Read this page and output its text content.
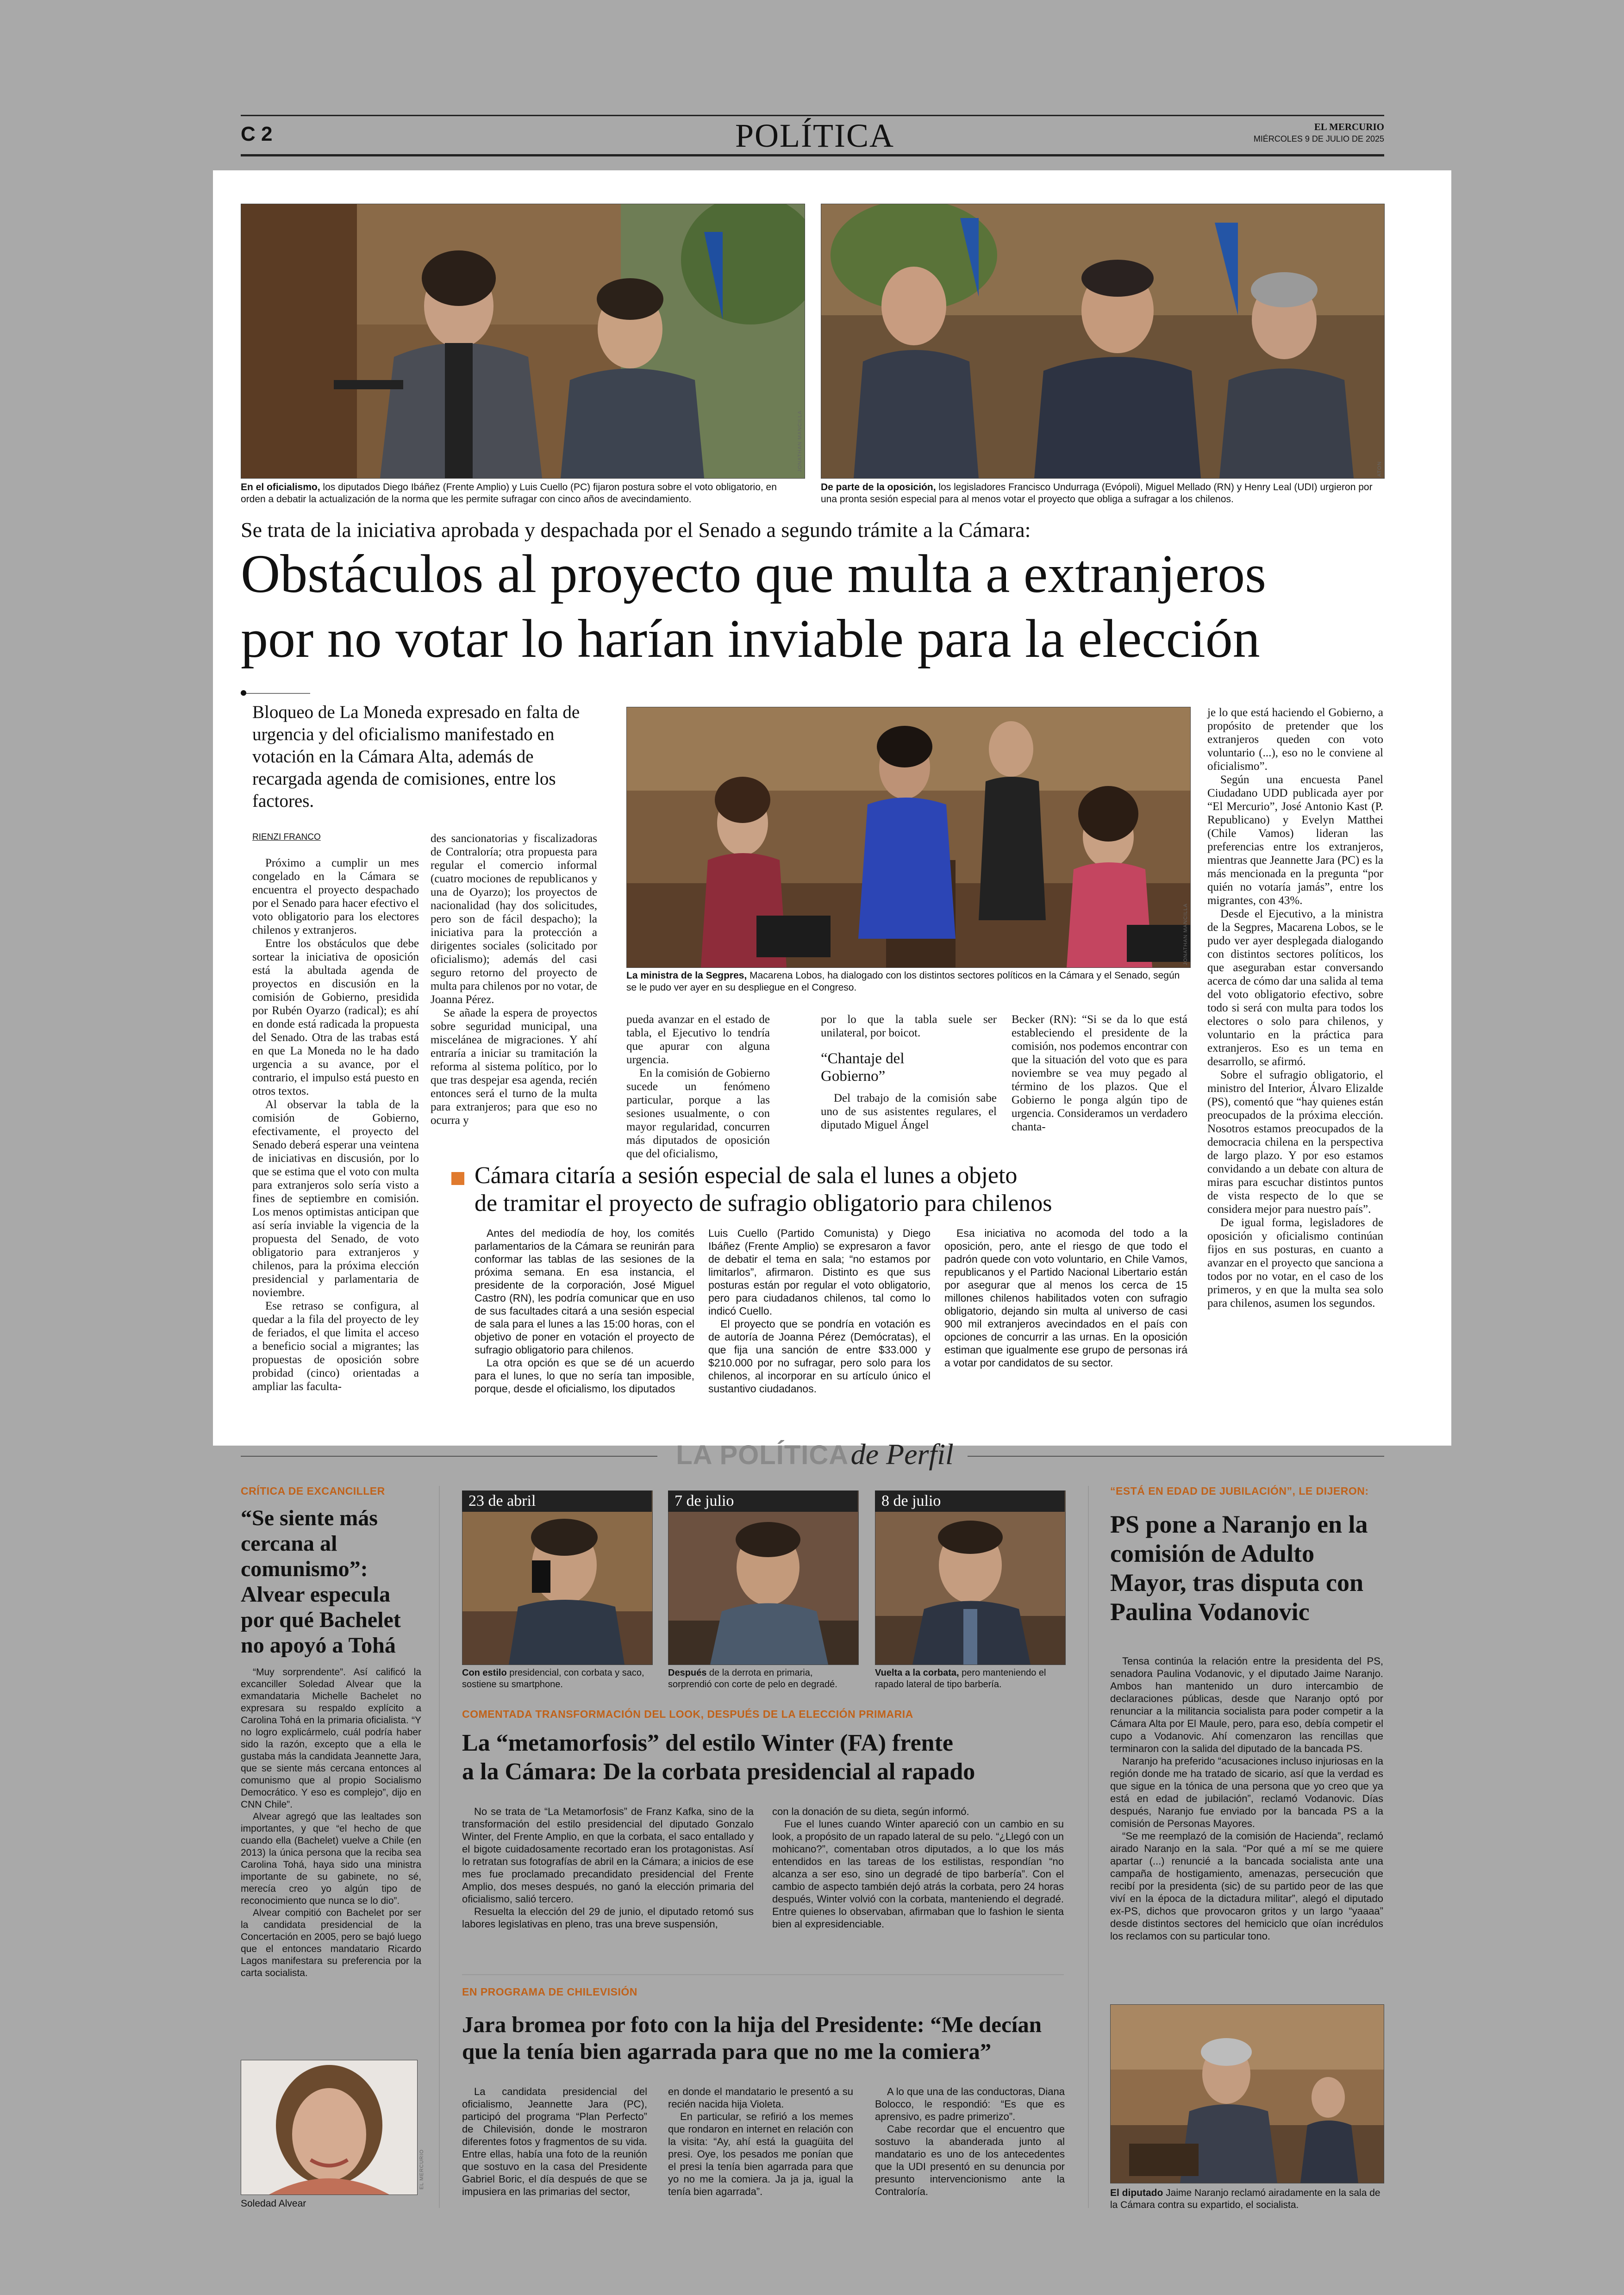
C 2	POLÍTICA	EL MERCURIO
MIÉRCOLES 9 DE JULIO DE 2025
JONATHAN MANCILLA
En el oficialismo, los diputados Diego Ibáñez (Frente Amplio) y Luis Cuello (PC) fijaron postura sobre el voto obligatorio, en orden a debatir la actualización de la norma que les permite sufragar con cinco años de avecindamiento.
ATON
De parte de la oposición, los legisladores Francisco Undurraga (Evópoli), Miguel Mellado (RN) y Henry Leal (UDI) urgieron por una pronta sesión especial para al menos votar el proyecto que obliga a sufragar a los chilenos.
Se trata de la iniciativa aprobada y despachada por el Senado a segundo trámite a la Cámara:
Obstáculos al proyecto que multa a extranjeros
por no votar lo harían inviable para la elección
Bloqueo de La Moneda expresado en falta de urgencia y del oficialismo manifestado en votación en la Cámara Alta, además de recargada agenda de comisiones, entre los factores.
RIENZI FRANCO

Próximo a cumplir un mes congelado en la Cámara se encuentra el proyecto despachado por el Senado para hacer efectivo el voto obligatorio para los electores chilenos y extranjeros.

Entre los obstáculos que debe sortear la iniciativa de oposición está la abultada agenda de proyectos en discusión en la comisión de Gobierno, presidida por Rubén Oyarzo (radical); es ahí en donde está radicada la propuesta del Senado. Otra de las trabas está en que La Moneda no le ha dado urgencia a su avance, por el contrario, el impulso está puesto en otros textos.

Al observar la tabla de la comisión de Gobierno, efectivamente, el proyecto del Senado deberá esperar una veintena de iniciativas en discusión, por lo que se estima que el voto con multa para extranjeros solo sería visto a fines de septiembre en comisión. Los menos optimistas anticipan que así sería inviable la vigencia de la propuesta del Senado, de voto obligatorio para extranjeros y chilenos, para la próxima elección presidencial y parlamentaria de noviembre.

Ese retraso se configura, al quedar a la fila del proyecto de ley de feriados, el que limita el acceso a beneficio social a migrantes; las propuestas de oposición sobre probidad (cinco) orientadas a ampliar las faculta-

des sancionatorias y fiscalizadoras de Contraloría; otra propuesta para regular el comercio informal (cuatro mociones de republicanos y una de Oyarzo); los proyectos de nacionalidad (hay dos solicitudes, pero son de fácil despacho); la iniciativa para la protección a dirigentes sociales (solicitado por oficialismo); además del casi seguro retorno del proyecto de multa para chilenos por no votar, de Joanna Pérez.

Se añade la espera de proyectos sobre seguridad municipal, una miscelánea de migraciones. Y ahí entraría a iniciar su tramitación la reforma al sistema político, por lo que tras despejar esa agenda, recién entonces será el turno de la multa para extranjeros; para que eso no ocurra y

JONATHAN MANCILLA
La ministra de la Segpres, Macarena Lobos, ha dialogado con los distintos sectores políticos en la Cámara y el Senado, según se le pudo ver ayer en su despliegue en el Congreso.

pueda avanzar en el estado de tabla, el Ejecutivo lo tendría que apurar con alguna urgencia.

En la comisión de Gobierno sucede un fenómeno particular, porque a las sesiones usualmente, o con mayor regularidad, concurren más diputados de oposición que del oficialismo,

por lo que la tabla suele ser unilateral, por boicot.

“Chantaje del Gobierno”

Del trabajo de la comisión sabe uno de sus asistentes regulares, el diputado Miguel Ángel

Becker (RN): “Si se da lo que está estableciendo el presidente de la comisión, nos podemos encontrar con que la situación del voto que es para noviembre se vea muy pegado al término de los plazos. Que el Gobierno le ponga algún tipo de urgencia. Consideramos un verdadero chanta-

je lo que está haciendo el Gobierno, a propósito de pretender que los extranjeros queden con voto voluntario (...), eso no le conviene al oficialismo”.

Según una encuesta Panel Ciudadano UDD publicada ayer por “El Mercurio”, José Antonio Kast (P. Republicano) y Evelyn Matthei (Chile Vamos) lideran las preferencias entre los extranjeros, mientras que Jeannette Jara (PC) es la más mencionada en la pregunta “por quién no votaría jamás”, entre los migrantes, con 43%.

Desde el Ejecutivo, a la ministra de la Segpres, Macarena Lobos, se le pudo ver ayer desplegada dialogando con distintos sectores políticos, los que aseguraban estar conversando acerca de cómo dar una salida al tema del voto obligatorio efectivo, sobre todo si será con multa para todos los electores o solo para chilenos, y voluntario en la práctica para extranjeros. Eso es un tema en desarrollo, se afirmó.

Sobre el sufragio obligatorio, el ministro del Interior, Álvaro Elizalde (PS), comentó que “hay quienes están preocupados de la próxima elección. Nosotros estamos preocupados de la democracia chilena en la perspectiva de largo plazo. Y por eso estamos convidando a un debate con altura de miras para escuchar distintos puntos de vista respecto de lo que se considera mejor para nuestro país”.

De igual forma, legisladores de oposición y oficialismo continúan fijos en sus posturas, en cuanto a avanzar en el proyecto que sanciona a todos por no votar, en el caso de los primeros, y en que la multa sea solo para chilenos, asumen los segundos.

Cámara citaría a sesión especial de sala el lunes a objeto
de tramitar el proyecto de sufragio obligatorio para chilenos

Antes del mediodía de hoy, los comités parlamentarios de la Cámara se reunirán para conformar las tablas de las sesiones de la próxima semana. En esa instancia, el presidente de la corporación, José Miguel Castro (RN), les podría comunicar que en uso de sus facultades citará a una sesión especial de sala para el lunes a las 15:00 horas, con el objetivo de poner en votación el proyecto de sufragio obligatorio para chilenos.

La otra opción es que se dé un acuerdo para el lunes, lo que no sería tan imposible, porque, desde el oficialismo, los diputados

Luis Cuello (Partido Comunista) y Diego Ibáñez (Frente Amplio) se expresaron a favor de debatir el tema en sala; “no estamos por limitarlos”, afirmaron. Distinto es que sus posturas están por regular el voto obligatorio, pero para ciudadanos chilenos, tal como lo indicó Cuello.

El proyecto que se pondría en votación es de autoría de Joanna Pérez (Demócratas), el que fija una sanción de entre $33.000 y $210.000 por no sufragar, pero solo para los chilenos, al incorporar en su artículo único el sustantivo ciudadanos.

Esa iniciativa no acomoda del todo a la oposición, pero, ante el riesgo de que todo el padrón quede con voto voluntario, en Chile Vamos, republicanos y el Partido Nacional Libertario están por asegurar que al menos los cerca de 15 millones chilenos habilitados voten con sufragio obligatorio, dejando sin multa al universo de casi 900 mil extranjeros avecindados en el país con opciones de concurrir a las urnas. En la oposición estiman que igualmente ese grupo de personas irá a votar por candidatos de su sector.

LA POLÍTICA de Perfil
CRÍTICA DE EXCANCILLER
“Se siente más cercana al comunismo”: Alvear especula por qué Bachelet no apoyó a Tohá

“Muy sorprendente”. Así calificó la excanciller Soledad Alvear que la exmandataria Michelle Bachelet no expresara su respaldo explícito a Carolina Tohá en la primaria oficialista. “Y no logro explicármelo, cuál podría haber sido la razón, excepto que a ella le gustaba más la candidata Jeannette Jara, que se siente más cercana entonces al comunismo que al propio Socialismo Democrático. Y eso es complejo”, dijo en CNN Chile”.

Alvear agregó que las lealtades son importantes, y que “el hecho de que cuando ella (Bachelet) vuelve a Chile (en 2013) la única persona que la reciba sea Carolina Tohá, haya sido una ministra importante de su gabinete, no sé, merecía creo yo algún tipo de reconocimiento que nunca se lo dio”.

Alvear compitió con Bachelet por ser la candidata presidencial de la Concertación en 2005, pero se bajó luego que el entonces mandatario Ricardo Lagos manifestara su preferencia por la carta socialista.

EL MERCURIO
Soledad Alvear
23 de abril
Con estilo presidencial, con corbata y saco, sostiene su smartphone.
7 de julio
Después de la derrota en primaria, sorprendió con corte de pelo en degradé.
8 de julio
Vuelta a la corbata, pero manteniendo el rapado lateral de tipo barbería.
COMENTADA TRANSFORMACIÓN DEL LOOK, DESPUÉS DE LA ELECCIÓN PRIMARIA
La “metamorfosis” del estilo Winter (FA) frente
a la Cámara: De la corbata presidencial al rapado

No se trata de “La Metamorfosis” de Franz Kafka, sino de la transformación del estilo presidencial del diputado Gonzalo Winter, del Frente Amplio, en que la corbata, el saco entallado y el bigote cuidadosamente recortado eran los protagonistas. Así lo retratan sus fotografías de abril en la Cámara; a inicios de ese mes fue proclamado precandidato presidencial del Frente Amplio, dos meses después, no ganó la elección primaria del oficialismo, salió tercero.

Resuelta la elección del 29 de junio, el diputado retomó sus labores legislativas en pleno, tras una breve suspensión,

con la donación de su dieta, según informó.

Fue el lunes cuando Winter apareció con un cambio en su look, a propósito de un rapado lateral de su pelo. “¿Llegó con un mohicano?”, comentaban otros diputados, a lo que los más entendidos en las tareas de los estilistas, respondían “no alcanza a ser eso, sino un degradé de tipo barbería”. Con el cambio de aspecto también dejó atrás la corbata, pero 24 horas después, Winter volvió con la corbata, manteniendo el degradé. Entre quienes lo observaban, afirmaban que lo fashion le sienta bien al expresidenciable.

EN PROGRAMA DE CHILEVISIÓN
Jara bromea por foto con la hija del Presidente: “Me decían que la tenía bien agarrada para que no me la comiera”

La candidata presidencial del oficialismo, Jeannette Jara (PC), participó del programa “Plan Perfecto” de Chilevisión, donde le mostraron diferentes fotos y fragmentos de su vida. Entre ellas, había una foto de la reunión que sostuvo en la casa del Presidente Gabriel Boric, el día después de que se impusiera en las primarias del sector,

en donde el mandatario le presentó a su recién nacida hija Violeta.

En particular, se refirió a los memes que rondaron en internet en relación con la visita: “Ay, ahí está la guagüita del presi. Oye, los pesados me ponían que el presi la tenía bien agarrada para que yo no me la comiera. Ja ja ja, igual la tenía bien agarrada”.

A lo que una de las conductoras, Diana Bolocco, le respondió: “Es que es aprensivo, es padre primerizo”.

Cabe recordar que el encuentro que sostuvo la abanderada junto al mandatario es uno de los antecedentes que la UDI presentó en su denuncia por presunto intervencionismo ante la Contraloría.

“ESTÁ EN EDAD DE JUBILACIÓN”, LE DIJERON:
PS pone a Naranjo en la comisión de Adulto Mayor, tras disputa con Paulina Vodanovic

Tensa continúa la relación entre la presidenta del PS, senadora Paulina Vodanovic, y el diputado Jaime Naranjo. Ambos han mantenido un duro intercambio de declaraciones públicas, desde que Naranjo optó por renunciar a la militancia socialista para poder competir a la Cámara Alta por El Maule, pero, para eso, debía competir el cupo a Vodanovic. Ahí comenzaron las rencillas que terminaron con la salida del diputado de la bancada PS.

Naranjo ha preferido “acusaciones incluso injuriosas en la región donde me ha tratado de sicario, así que la verdad es que sigue en la tónica de una persona que yo creo que ya está en edad de jubilación”, reclamó Vodanovic. Días después, Naranjo fue enviado por la bancada PS a la comisión de Personas Mayores.

“Se me reemplazó de la comisión de Hacienda”, reclamó airado Naranjo en la sala. “Por qué a mí se me quiere apartar (...) renuncié a la bancada socialista ante una campaña de hostigamiento, amenazas, persecución que recibí por la presidenta (sic) de su partido peor de las que viví en la época de la dictadura militar”, alegó el diputado ex-PS, dichos que provocaron gritos y un largo “yaaaa” desde distintos sectores del hemiciclo que oían incrédulos los reclamos con su particular tono.

El diputado Jaime Naranjo reclamó airadamente en la sala de la Cámara contra su expartido, el socialista.
